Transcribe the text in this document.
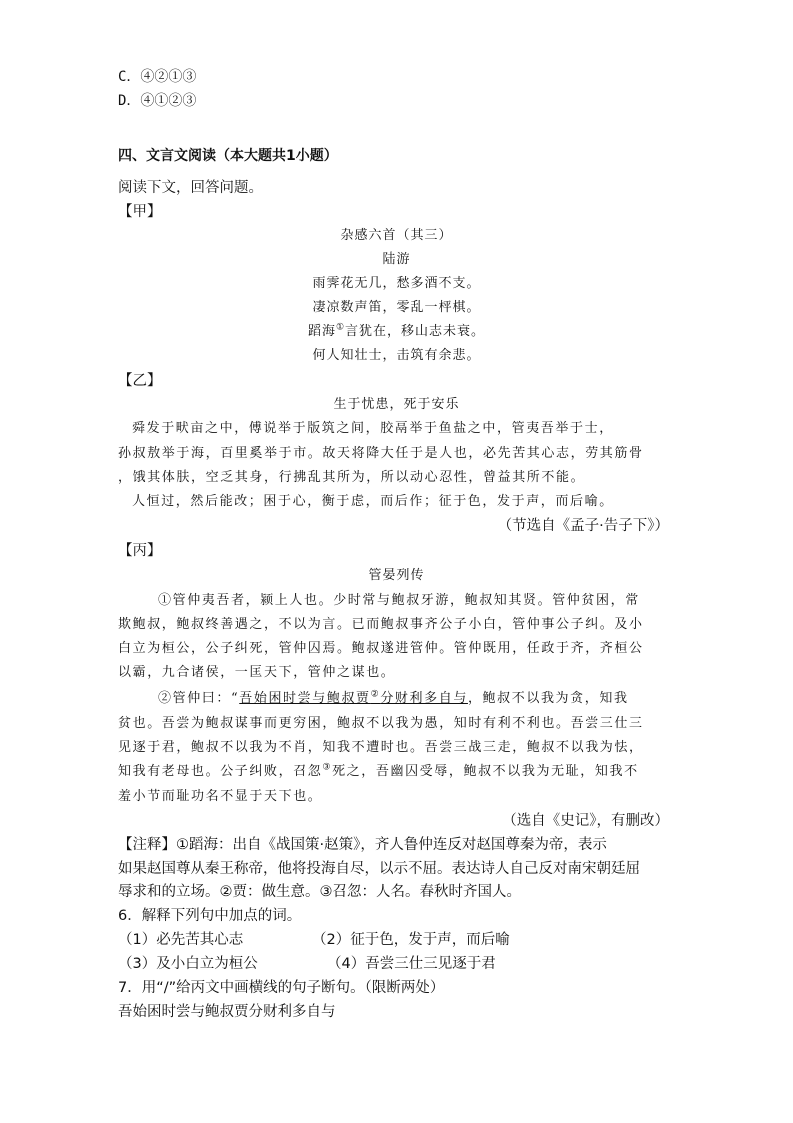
C．④②①③
D．④①②③
四、文言文阅读（本大题共1小题）
阅读下文，回答问题。
【甲】
杂感六首（其三）
陆游
雨霁花无几，愁多酒不支。
凄凉数声笛，零乱一枰棋。
蹈海①言犹在，移山志未衰。
何人知壮士，击筑有余悲。
【乙】
生于忧患，死于安乐
舜发于畎亩之中，傅说举于版筑之间，胶鬲举于鱼盐之中，管夷吾举于士，
孙叔敖举于海，百里奚举于市。故天将降大任于是人也，必先苦其心志，劳其筋骨
，饿其体肤，空乏其身，行拂乱其所为，所以动心忍性，曾益其所不能。
人恒过，然后能改；困于心，衡于虑，而后作；征于色，发于声，而后喻。
（节选自《孟子·告子下》）
【丙】
管晏列传
①管仲夷吾者，颍上人也。少时常与鲍叔牙游，鲍叔知其贤。管仲贫困，常
欺鲍叔，鲍叔终善遇之，不以为言。已而鲍叔事齐公子小白，管仲事公子纠。及小
白立为桓公，公子纠死，管仲囚焉。鲍叔遂进管仲。管仲既用，任政于齐，齐桓公
以霸，九合诸侯，一匡天下，管仲之谋也。
②管仲曰：“吾始困时尝与鲍叔贾②分财利多自与，鲍叔不以我为贪，知我
贫也。吾尝为鲍叔谋事而更穷困，鲍叔不以我为愚，知时有利不利也。吾尝三仕三
见逐于君，鲍叔不以我为不肖，知我不遭时也。吾尝三战三走，鲍叔不以我为怯，
知我有老母也。公子纠败，召忽③死之，吾幽囚受辱，鲍叔不以我为无耻，知我不
羞小节而耻功名不显于天下也。
（选自《史记》，有删改）
【注释】①蹈海：出自《战国策·赵策》，齐人鲁仲连反对赵国尊秦为帝，表示
如果赵国尊从秦王称帝，他将投海自尽，以示不屈。表达诗人自己反对南宋朝廷屈
辱求和的立场。②贾：做生意。③召忽：人名。春秋时齐国人。
6．解释下列句中加点的词。
（1）必先苦其心志	（2）征于色，发于声，而后喻
（3）及小白立为桓公	（4）吾尝三仕三见逐于君
7．用“/”给丙文中画横线的句子断句。（限断两处）
吾始困时尝与鲍叔贾分财利多自与
